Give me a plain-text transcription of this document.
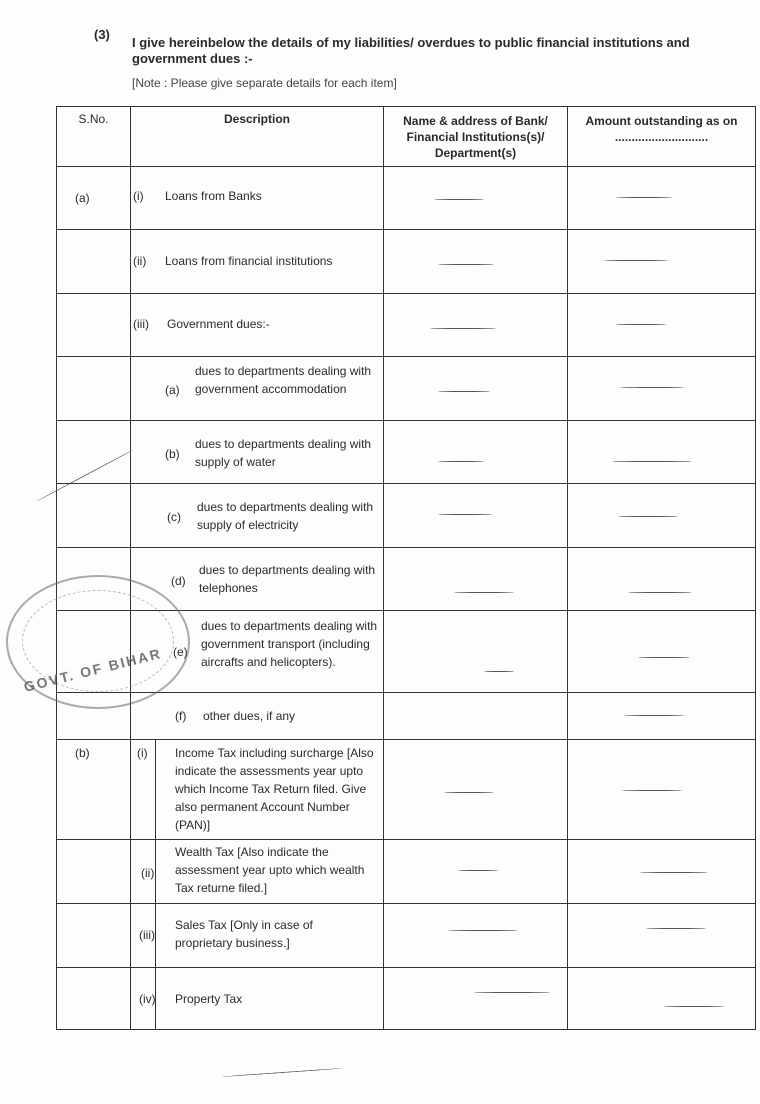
(3)
I give hereinbelow the details of my liabilities/ overdues to public financial institutions and government dues :-
[Note : Please give separate details for each item]
S.No.	Description	Name & address of Bank/ Financial Institutions(s)/ Department(s)	Amount outstanding as on ............................

(a)	(i) Loans from Banks		

	(ii) Loans from financial institutions		

	(iii) Government dues:-		

	(a)
dues to departments dealing with government accommodation		

	(b)
dues to departments dealing with supply of water		

	(c)
dues to departments dealing with supply of electricity		

	(d)
dues to departments dealing with telephones		

	(e)
dues to departments dealing with government transport (including aircrafts and helicopters).		

	(f) other dues, if any		

(b)	(i) Income Tax including surcharge [Also indicate the assessments year upto which Income Tax Return filed. Give also permanent Account Number (PAN)]		

	(ii)
Wealth Tax [Also indicate the assessment year upto which wealth Tax returne filed.]		

	(iii)
Sales Tax [Only in case of proprietary business.]		

	(iv) Property Tax		

GOVT. OF BIHAR
